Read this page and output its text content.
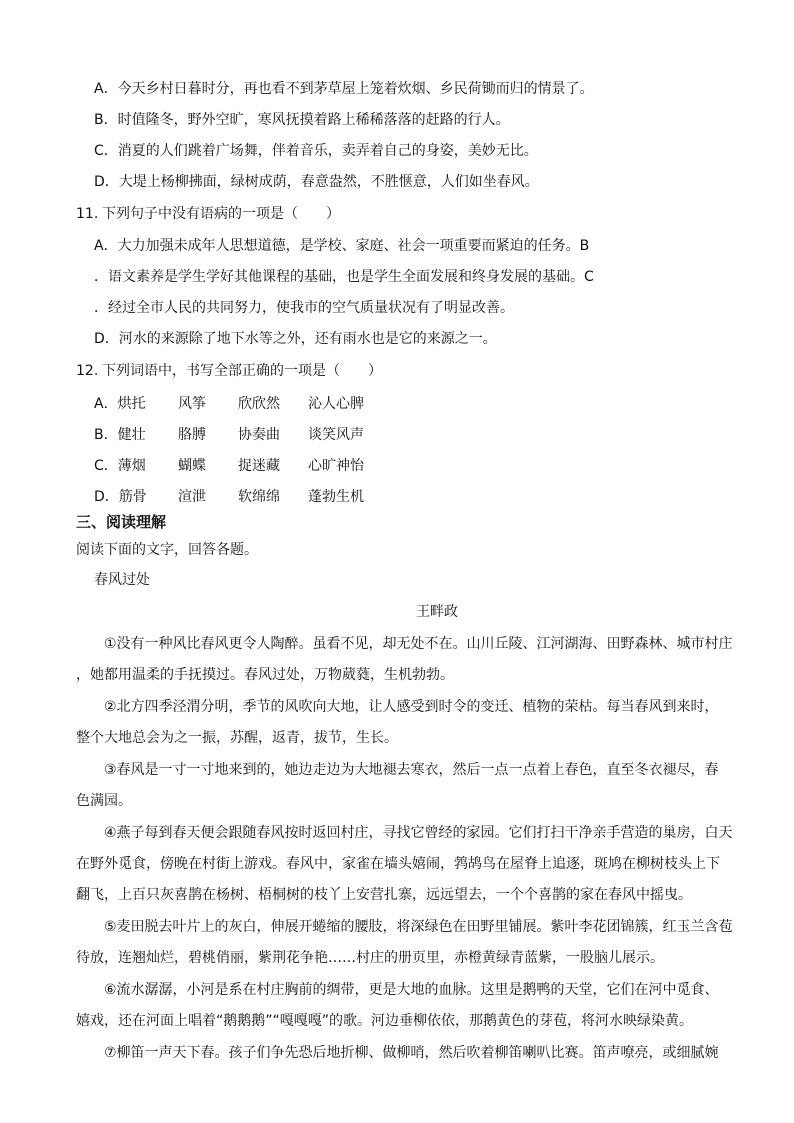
A．今天乡村日暮时分，再也看不到茅草屋上笼着炊烟、乡民荷锄而归的情景了。
B．时值隆冬，野外空旷，寒风抚摸着路上稀稀落落的赶路的行人。
C．消夏的人们跳着广场舞，伴着音乐，卖弄着自己的身姿，美妙无比。
D．大堤上杨柳拂面，绿树成荫，春意盎然，不胜惬意，人们如坐春风。
11. 下列句子中没有语病的一项是（　　）
A．大力加强未成年人思想道德，是学校、家庭、社会一项重要而紧迫的任务。B
．语文素养是学生学好其他课程的基础，也是学生全面发展和终身发展的基础。C
．经过全市人民的共同努力，使我市的空气质量状况有了明显改善。
D．河水的来源除了地下水等之外，还有雨水也是它的来源之一。
12. 下列词语中，书写全部正确的一项是（　　）
A．烘托 风筝 欣欣然 沁人心脾
B．健壮 胳膊 协奏曲 谈笑风声
C．薄烟 蝴蝶 捉迷藏 心旷神怡
D．筋骨 渲泄 软绵绵 蓬勃生机
三、阅读理解
阅读下面的文字，回答各题。
春风过处
王畔政
①没有一种风比春风更令人陶醉。虽看不见，却无处不在。山川丘陵、江河湖海、田野森林、城市村庄
，她都用温柔的手抚摸过。春风过处，万物葳蕤，生机勃勃。
②北方四季泾渭分明，季节的风吹向大地，让人感受到时令的变迁、植物的荣枯。每当春风到来时，
整个大地总会为之一振，苏醒，返青，拔节，生长。
③春风是一寸一寸地来到的，她边走边为大地褪去寒衣，然后一点一点着上春色，直至冬衣褪尽，春
色满园。
④燕子每到春天便会跟随春风按时返回村庄，寻找它曾经的家园。它们打扫干净亲手营造的巢房，白天
在野外觅食，傍晚在村街上游戏。春风中，家雀在墙头嬉闹，鹁鸪鸟在屋脊上追逐，斑鸠在柳树枝头上下
翻飞，上百只灰喜鹊在杨树、梧桐树的枝丫上安营扎寨，远远望去，一个个喜鹊的家在春风中摇曳。
⑤麦田脱去叶片上的灰白，伸展开蜷缩的腰肢，将深绿色在田野里铺展。紫叶李花团锦簇，红玉兰含苞
待放，连翘灿烂，碧桃俏丽，紫荆花争艳……村庄的册页里，赤橙黄绿青蓝紫，一股脑儿展示。
⑥流水潺潺，小河是系在村庄胸前的绸带，更是大地的血脉。这里是鹅鸭的天堂，它们在河中觅食、
嬉戏，还在河面上唱着“鹅鹅鹅”“嘎嘎嘎”的歌。河边垂柳依依，那鹅黄色的芽苞，将河水映绿染黄。
⑦柳笛一声天下春。孩子们争先恐后地折柳、做柳哨，然后吹着柳笛喇叭比赛。笛声嘹亮，或细腻婉
